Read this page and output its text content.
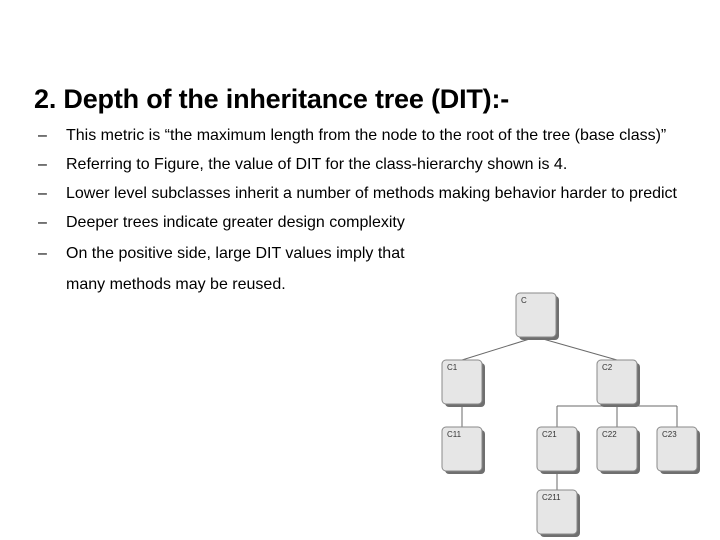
2. Depth of the inheritance tree (DIT):-
– This metric is “the maximum length from the node to the root of the tree (base class)”
– Referring to Figure, the value of DIT for the class-hierarchy shown is 4.
– Lower level subclasses inherit a number of methods making behavior harder to predict
– Deeper trees indicate greater design complexity
– On the positive side, large DIT values imply that many methods may be reused.
C
C1	C2
C11	C21	C22	C23
C211
